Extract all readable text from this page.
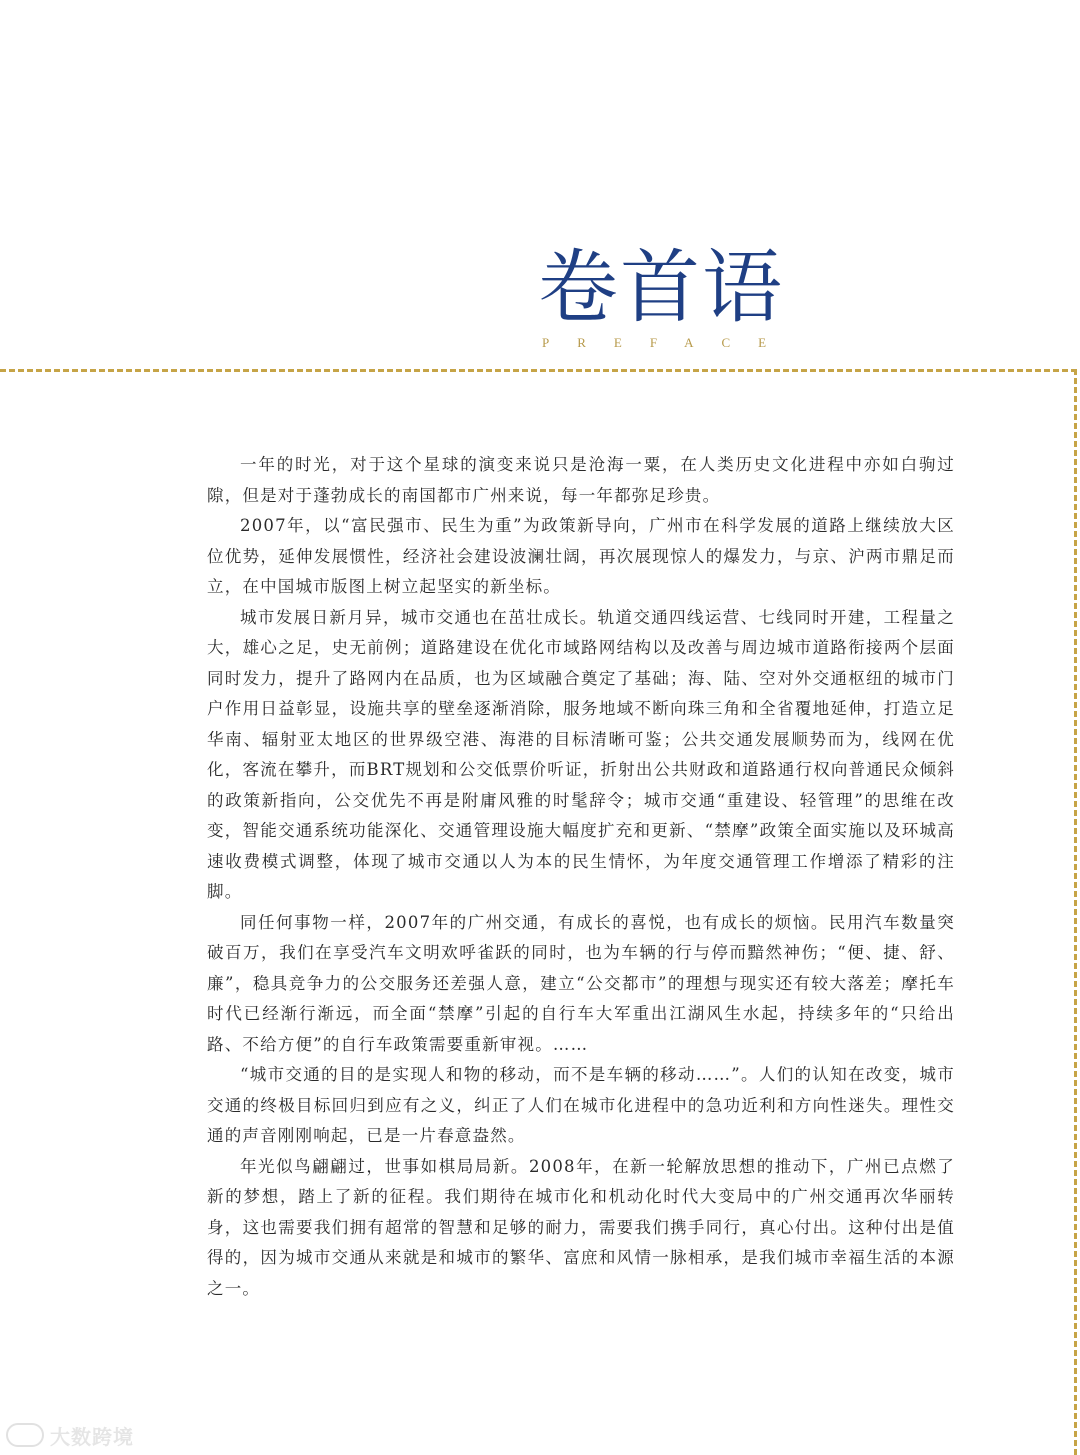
卷首语
PREFACE

一年的时光，对于这个星球的演变来说只是沧海一粟，在人类历史文化进程中亦如白驹过隙，但是对于蓬勃成长的南国都市广州来说，每一年都弥足珍贵。

2007年，以“富民强市、民生为重”为政策新导向，广州市在科学发展的道路上继续放大区位优势，延伸发展惯性，经济社会建设波澜壮阔，再次展现惊人的爆发力，与京、沪两市鼎足而立，在中国城市版图上树立起坚实的新坐标。

城市发展日新月异，城市交通也在茁壮成长。轨道交通四线运营、七线同时开建，工程量之大，雄心之足，史无前例；道路建设在优化市域路网结构以及改善与周边城市道路衔接两个层面同时发力，提升了路网内在品质，也为区域融合奠定了基础；海、陆、空对外交通枢纽的城市门户作用日益彰显，设施共享的壁垒逐渐消除，服务地域不断向珠三角和全省覆地延伸，打造立足华南、辐射亚太地区的世界级空港、海港的目标清晰可鉴；公共交通发展顺势而为，线网在优化，客流在攀升，而BRT规划和公交低票价听证，折射出公共财政和道路通行权向普通民众倾斜的政策新指向，公交优先不再是附庸风雅的时髦辞令；城市交通“重建设、轻管理”的思维在改变，智能交通系统功能深化、交通管理设施大幅度扩充和更新、“禁摩”政策全面实施以及环城高速收费模式调整，体现了城市交通以人为本的民生情怀，为年度交通管理工作增添了精彩的注脚。

同任何事物一样，2007年的广州交通，有成长的喜悦，也有成长的烦恼。民用汽车数量突破百万，我们在享受汽车文明欢呼雀跃的同时，也为车辆的行与停而黯然神伤；“便、捷、舒、廉”，稳具竞争力的公交服务还差强人意，建立“公交都市”的理想与现实还有较大落差；摩托车时代已经渐行渐远，而全面“禁摩”引起的自行车大军重出江湖风生水起，持续多年的“只给出路、不给方便”的自行车政策需要重新审视。……

“城市交通的目的是实现人和物的移动，而不是车辆的移动……”。人们的认知在改变，城市交通的终极目标回归到应有之义，纠正了人们在城市化进程中的急功近利和方向性迷失。理性交通的声音刚刚响起，已是一片春意盎然。

年光似鸟翩翩过，世事如棋局局新。2008年，在新一轮解放思想的推动下，广州已点燃了新的梦想，踏上了新的征程。我们期待在城市化和机动化时代大变局中的广州交通再次华丽转身，这也需要我们拥有超常的智慧和足够的耐力，需要我们携手同行，真心付出。这种付出是值得的，因为城市交通从来就是和城市的繁华、富庶和风情一脉相承，是我们城市幸福生活的本源之一。

大数跨境
